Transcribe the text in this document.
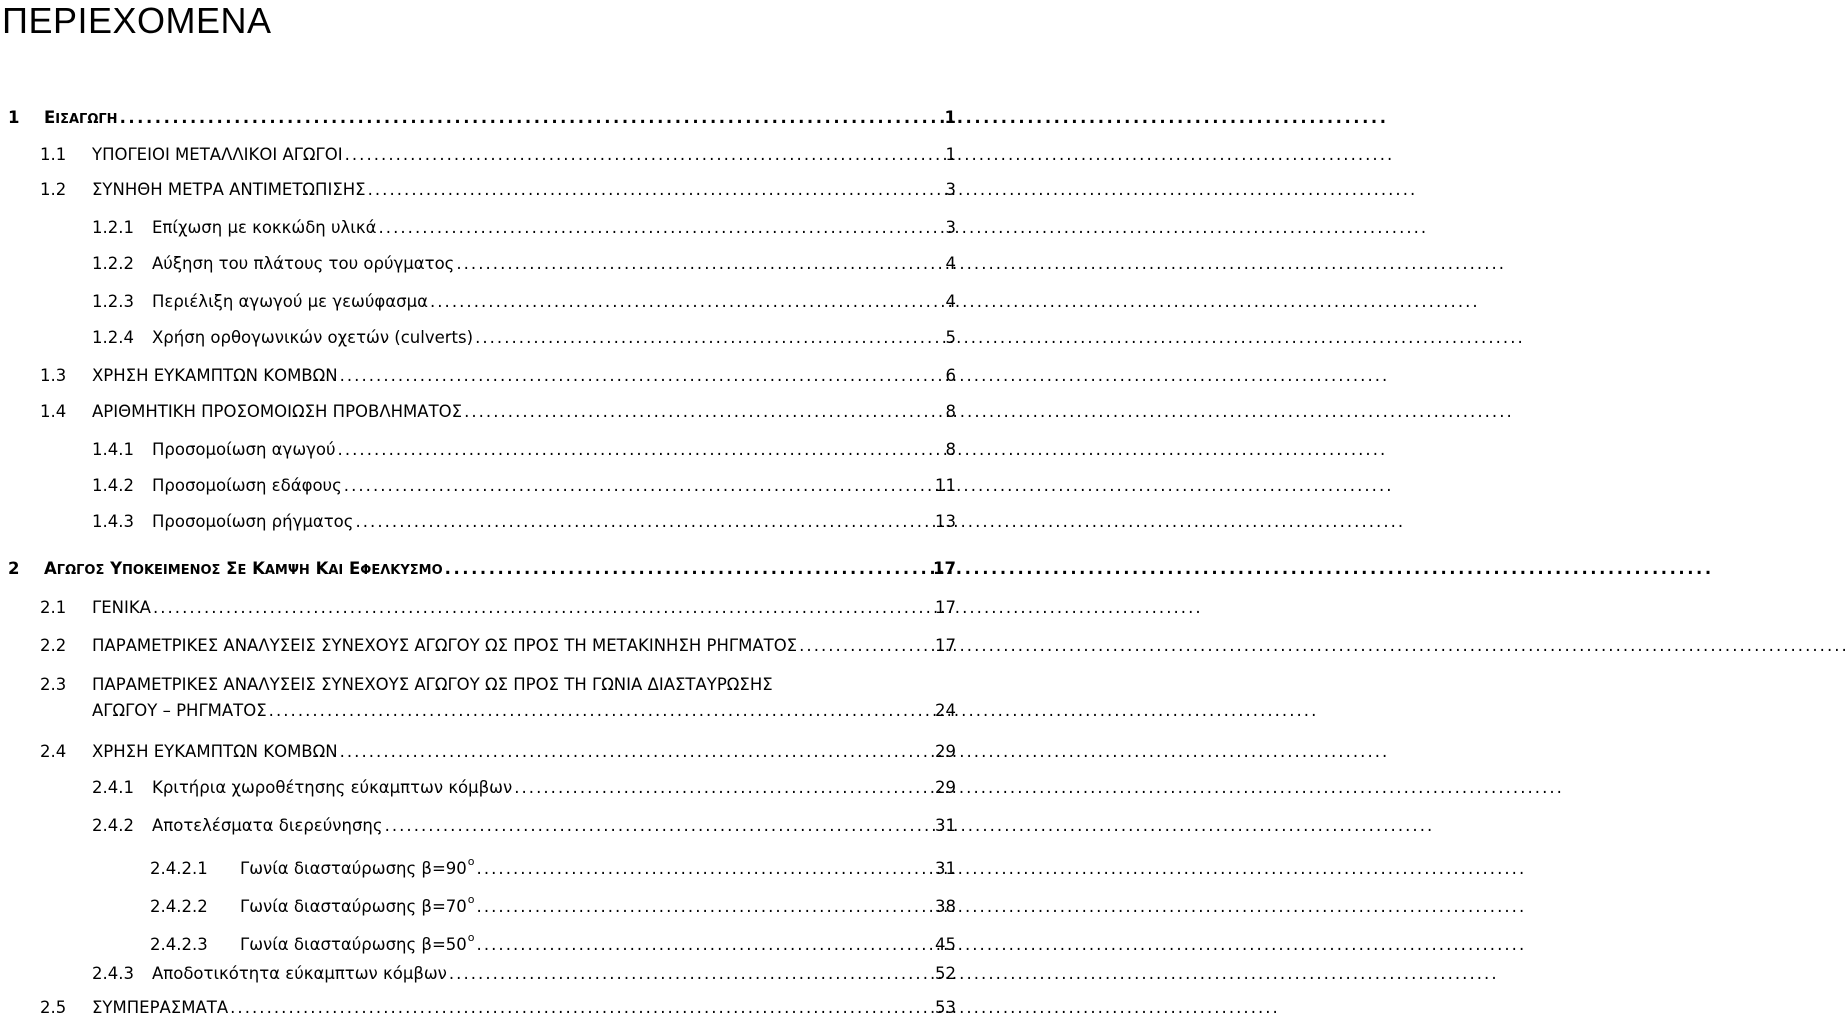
ΠΕΡΙΕΧΟΜΕΝΑ
1	ΕΙΣΑΓΩΓΗ . . .	1
1.1	ΥΠΟΓΕΙΟΙ ΜΕΤΑΛΛΙΚΟΙ ΑΓΩΓΟΙ . . .	1
1.2	ΣΥΝΗΘΗ ΜΕΤΡΑ ΑΝΤΙΜΕΤΩΠΙΣΗΣ . . .	3
1.2.1	Επίχωση με κοκκώδη υλικά . . .	3
1.2.2	Αύξηση του πλάτους του ορύγματος . . .	4
1.2.3	Περιέλιξη αγωγού με γεωύφασμα . . .	4
1.2.4	Χρήση ορθογωνικών οχετών (culverts) . . .	5
1.3	ΧΡΗΣΗ ΕΥΚΑΜΠΤΩΝ ΚΟΜΒΩΝ . . .	6
1.4	ΑΡΙΘΜΗΤΙΚΗ ΠΡΟΣΟΜΟΙΩΣΗ ΠΡΟΒΛΗΜΑΤΟΣ . . .	8
1.4.1	Προσομοίωση αγωγού . . .	8
1.4.2	Προσομοίωση εδάφους . . .	11
1.4.3	Προσομοίωση ρήγματος . . .	13
2	ΑΓΩΓΟΣ ΥΠΟΚΕΙΜΕΝΟΣ ΣΕ ΚΑΜΨΗ ΚΑΙ ΕΦΕΛΚΥΣΜΟ . . .	17
2.1	ΓΕΝΙΚΑ . . .	17
2.2	ΠΑΡΑΜΕΤΡΙΚΕΣ ΑΝΑΛΥΣΕΙΣ ΣΥΝΕΧΟΥΣ ΑΓΩΓΟΥ ΩΣ ΠΡΟΣ ΤΗ ΜΕΤΑΚΙΝΗΣΗ ΡΗΓΜΑΤΟΣ . . .	17
2.3	ΠΑΡΑΜΕΤΡΙΚΕΣ ΑΝΑΛΥΣΕΙΣ ΣΥΝΕΧΟΥΣ ΑΓΩΓΟΥ ΩΣ ΠΡΟΣ ΤΗ ΓΩΝΙΑ ΔΙΑΣΤΑΥΡΩΣΗΣ
ΑΓΩΓΟΥ – ΡΗΓΜΑΤΟΣ . . .	24
2.4	ΧΡΗΣΗ ΕΥΚΑΜΠΤΩΝ ΚΟΜΒΩΝ . . .	29
2.4.1	Κριτήρια χωροθέτησης εύκαμπτων κόμβων . . .	29
2.4.2	Αποτελέσματα διερεύνησης . . .	31
2.4.2.1	Γωνία διασταύρωσης $\beta=90^o$ . . .	31
2.4.2.2	Γωνία διασταύρωσης $\beta=70^o$ . . .	38
2.4.2.3	Γωνία διασταύρωσης $\beta=50^o$ . . .	45
2.4.3	Αποδοτικότητα εύκαμπτων κόμβων . . .	52
2.5	ΣΥΜΠΕΡΑΣΜΑΤΑ . . .	53
